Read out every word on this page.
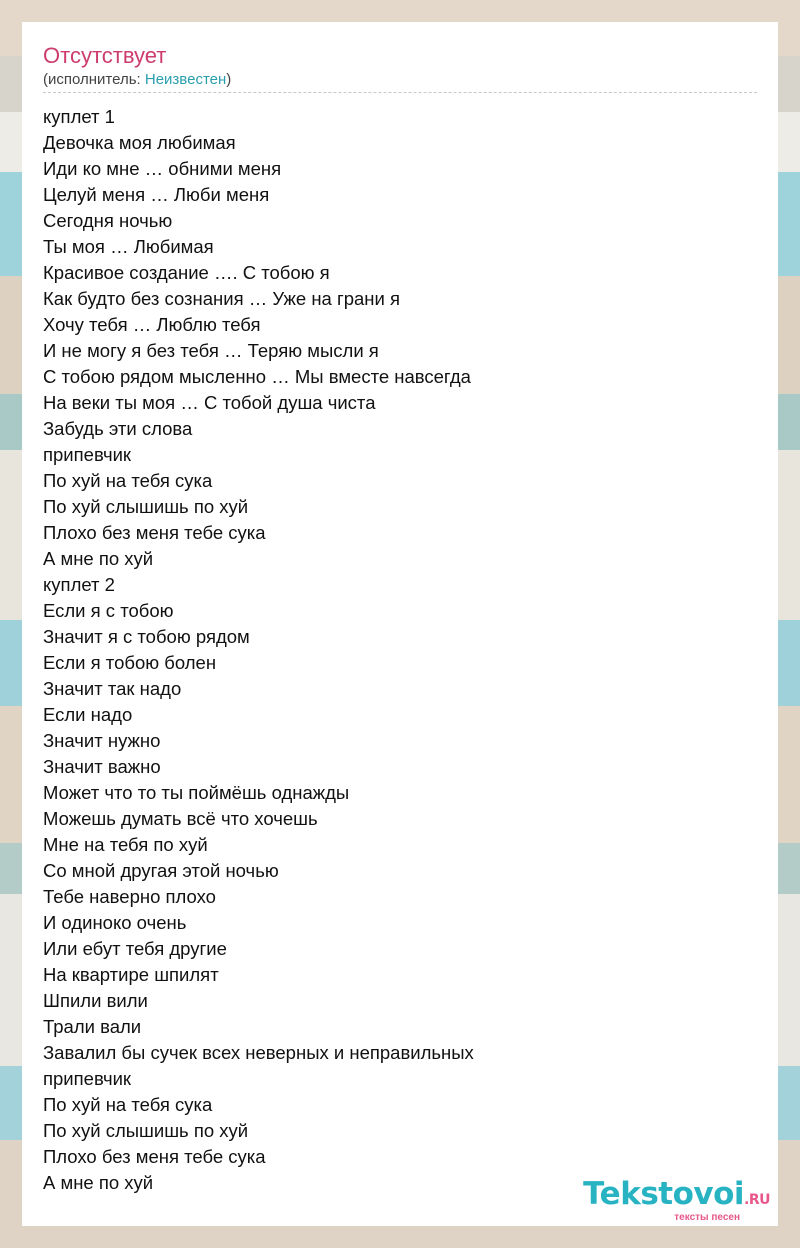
Отсутствует
(исполнитель: Неизвестен)
куплет 1
Девочка моя любимая
Иди ко мне … обними меня
Целуй меня … Люби меня
Сегодня ночью
Ты моя … Любимая
Красивое создание …. С тобою я
Как будто без сознания … Уже на грани я
Хочу тебя … Люблю тебя
И не могу я без тебя … Теряю мысли я
С тобою рядом мысленно … Мы вместе навсегда
На веки ты моя … С тобой душа чиста
Забудь эти слова
припевчик
По хуй на тебя сука
По хуй слышишь по хуй
Плохо без меня тебе сука
А мне по хуй
куплет 2
Если я с тобою
Значит я с тобою рядом
Если я тобою болен
Значит так надо
Если надо
Значит нужно
Значит важно
Может что то ты поймёшь однажды
Можешь думать всё что хочешь
Мне на тебя по хуй
Со мной другая этой ночью
Тебе наверно плохо
И одиноко очень
Или ебут тебя другие
На квартире шпилят
Шпили вили
Трали вали
Завалил бы сучек всех неверных и неправильных
припевчик
По хуй на тебя сука
По хуй слышишь по хуй
Плохо без меня тебе сука
А мне по хуй	Tekstovoi.RU
тексты песен
